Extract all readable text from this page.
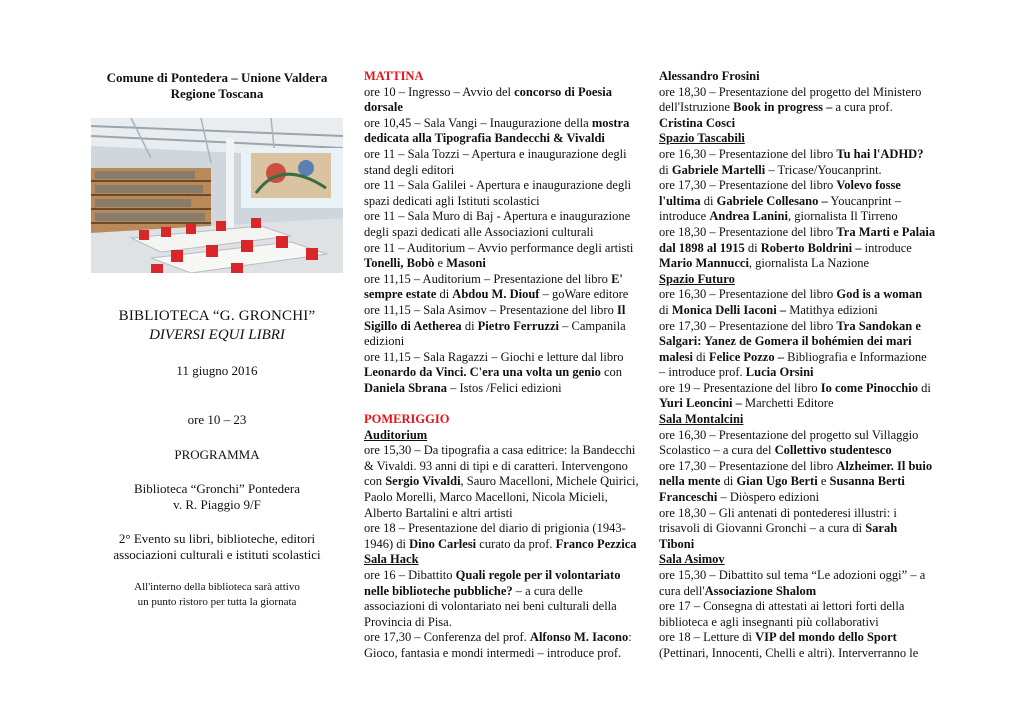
Comune di Pontedera – Unione Valdera
Regione Toscana
BIBLIOTECA “G. GRONCHI”
DIVERSI EQUI LIBRI
11 giugno 2016
ore 10 – 23
PROGRAMMA
Biblioteca “Gronchi” Pontedera
v. R. Piaggio 9/F
2° Evento su libri, biblioteche, editori
associazioni culturali e istituti scolastici
All'interno della biblioteca sarà attivo
un punto ristoro per tutta la giornata
MATTINA
ore 10 – Ingresso – Avvio del concorso di Poesia
dorsale
ore 10,45 – Sala Vangi – Inaugurazione della mostra
dedicata alla Tipografia Bandecchi & Vivaldi
ore 11 – Sala Tozzi – Apertura e inaugurazione degli
stand degli editori
ore 11 – Sala Galilei - Apertura e inaugurazione degli
spazi dedicati agli Istituti scolastici
ore 11 – Sala Muro di Baj - Apertura e inaugurazione
degli spazi dedicati alle Associazioni culturali
ore 11 – Auditorium – Avvio performance degli artisti
Tonelli, Bobò e Masoni
ore 11,15 – Auditorium – Presentazione del libro E'
sempre estate di Abdou M. Diouf – goWare editore
ore 11,15 – Sala Asimov – Presentazione del libro Il
Sigillo di Aetherea di Pietro Ferruzzi – Campanila
edizioni
ore 11,15 – Sala Ragazzi – Giochi e letture dal libro
Leonardo da Vinci. C'era una volta un genio con
Daniela Sbrana – Istos /Felici edizioni
POMERIGGIO
Auditorium
ore 15,30 – Da tipografia a casa editrice: la Bandecchi
& Vivaldi. 93 anni di tipi e di caratteri. Intervengono
con Sergio Vivaldi, Sauro Macelloni, Michele Quirici,
Paolo Morelli, Marco Macelloni, Nicola Micieli,
Alberto Bartalini e altri artisti
ore 18 – Presentazione del diario di prigionia (1943-
1946) di Dino Carlesi curato da prof. Franco Pezzica
Sala Hack
ore 16 – Dibattito Quali regole per il volontariato
nelle biblioteche pubbliche? – a cura delle
associazioni di volontariato nei beni culturali della
Provincia di Pisa.
ore 17,30 – Conferenza del prof. Alfonso M. Iacono:
Gioco, fantasia e mondi intermedi – introduce prof.
Alessandro Frosini
ore 18,30 – Presentazione del progetto del Ministero
dell'Istruzione Book in progress – a cura prof.
Cristina Cosci
Spazio Tascabili
ore 16,30 – Presentazione del libro Tu hai l'ADHD?
di Gabriele Martelli – Tricase/Youcanprint.
ore 17,30 – Presentazione del libro Volevo fosse
l'ultima di Gabriele Collesano – Youcanprint –
introduce Andrea Lanini, giornalista Il Tirreno
ore 18,30 – Presentazione del libro Tra Marti e Palaia
dal 1898 al 1915 di Roberto Boldrini – introduce
Mario Mannucci, giornalista La Nazione
Spazio Futuro
ore 16,30 – Presentazione del libro God is a woman
di Monica Delli Iaconi – Matithya edizioni
ore 17,30 – Presentazione del libro Tra Sandokan e
Salgari: Yanez de Gomera il bohémien dei mari
malesi di Felice Pozzo – Bibliografia e Informazione
– introduce prof. Lucia Orsini
ore 19 – Presentazione del libro Io come Pinocchio di
Yuri Leoncini – Marchetti Editore
Sala Montalcini
ore 16,30 – Presentazione del progetto sul Villaggio
Scolastico – a cura del Collettivo studentesco
ore 17,30 – Presentazione del libro Alzheimer. Il buio
nella mente di Gian Ugo Berti e Susanna Berti
Franceschi – Diòspero edizioni
ore 18,30 – Gli antenati di pontederesi illustri: i
trisavoli di Giovanni Gronchi – a cura di Sarah
Tiboni
Sala Asimov
ore 15,30 – Dibattito sul tema “Le adozioni oggi” – a
cura dell'Associazione Shalom
ore 17 – Consegna di attestati ai lettori forti della
biblioteca e agli insegnanti più collaborativi
ore 18 – Letture di VIP del mondo dello Sport
(Pettinari, Innocenti, Chelli e altri). Interverranno le
